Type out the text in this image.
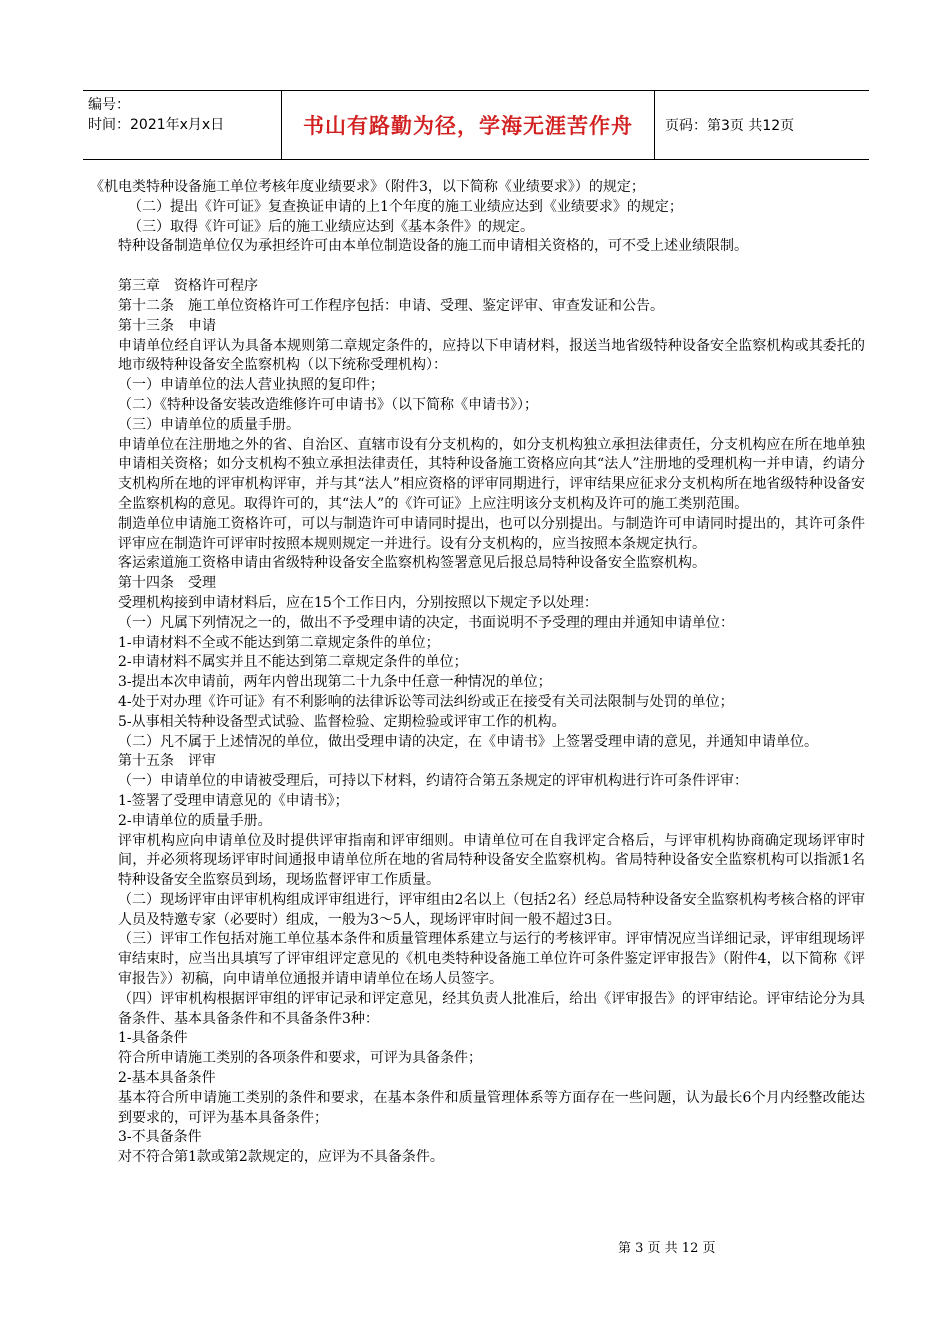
编号：
时间：2021年x月x日	书山有路勤为径，学海无涯苦作舟 页码：第3页 共12页
《机电类特种设备施工单位考核年度业绩要求》（附件3，以下简称《业绩要求》）的规定；
（二）提出《许可证》复查换证申请的上1个年度的施工业绩应达到《业绩要求》的规定；
（三）取得《许可证》后的施工业绩应达到《基本条件》的规定。
特种设备制造单位仅为承担经许可由本单位制造设备的施工而申请相关资格的，可不受上述业绩限制。
第三章　资格许可程序
第十二条　施工单位资格许可工作程序包括：申请、受理、鉴定评审、审查发证和公告。
第十三条　申请
申请单位经自评认为具备本规则第二章规定条件的，应持以下申请材料，报送当地省级特种设备安全监察机构或其委托的地市级特种设备安全监察机构（以下统称受理机构）：
（一）申请单位的法人营业执照的复印件；
（二）《特种设备安装改造维修许可申请书》（以下简称《申请书》）；
（三）申请单位的质量手册。
申请单位在注册地之外的省、自治区、直辖市设有分支机构的，如分支机构独立承担法律责任，分支机构应在所在地单独申请相关资格；如分支机构不独立承担法律责任，其特种设备施工资格应向其“法人”注册地的受理机构一并申请，约请分支机构所在地的评审机构评审，并与其“法人”相应资格的评审同期进行，评审结果应征求分支机构所在地省级特种设备安全监察机构的意见。取得许可的，其“法人”的《许可证》上应注明该分支机构及许可的施工类别范围。
制造单位申请施工资格许可，可以与制造许可申请同时提出，也可以分别提出。与制造许可申请同时提出的，其许可条件评审应在制造许可评审时按照本规则规定一并进行。设有分支机构的，应当按照本条规定执行。
客运索道施工资格申请由省级特种设备安全监察机构签署意见后报总局特种设备安全监察机构。
第十四条　受理
受理机构接到申请材料后，应在15个工作日内，分别按照以下规定予以处理：
（一）凡属下列情况之一的，做出不予受理申请的决定，书面说明不予受理的理由并通知申请单位：
1-申请材料不全或不能达到第二章规定条件的单位；
2-申请材料不属实并且不能达到第二章规定条件的单位；
3-提出本次申请前，两年内曾出现第二十九条中任意一种情况的单位；
4-处于对办理《许可证》有不利影响的法律诉讼等司法纠纷或正在接受有关司法限制与处罚的单位；
5-从事相关特种设备型式试验、监督检验、定期检验或评审工作的机构。
（二）凡不属于上述情况的单位，做出受理申请的决定，在《申请书》上签署受理申请的意见，并通知申请单位。
第十五条　评审
（一）申请单位的申请被受理后，可持以下材料，约请符合第五条规定的评审机构进行许可条件评审：
1-签署了受理申请意见的《申请书》；
2-申请单位的质量手册。
评审机构应向申请单位及时提供评审指南和评审细则。申请单位可在自我评定合格后，与评审机构协商确定现场评审时间，并必须将现场评审时间通报申请单位所在地的省局特种设备安全监察机构。省局特种设备安全监察机构可以指派1名特种设备安全监察员到场，现场监督评审工作质量。
（二）现场评审由评审机构组成评审组进行，评审组由2名以上（包括2名）经总局特种设备安全监察机构考核合格的评审人员及特邀专家（必要时）组成，一般为3～5人，现场评审时间一般不超过3日。
（三）评审工作包括对施工单位基本条件和质量管理体系建立与运行的考核评审。评审情况应当详细记录，评审组现场评审结束时，应当出具填写了评审组评定意见的《机电类特种设备施工单位许可条件鉴定评审报告》（附件4，以下简称《评审报告》）初稿，向申请单位通报并请申请单位在场人员签字。
（四）评审机构根据评审组的评审记录和评定意见，经其负责人批准后，给出《评审报告》的评审结论。评审结论分为具备条件、基本具备条件和不具备条件3种：
1-具备条件
符合所申请施工类别的各项条件和要求，可评为具备条件；
2-基本具备条件
基本符合所申请施工类别的条件和要求，在基本条件和质量管理体系等方面存在一些问题，认为最长6个月内经整改能达到要求的，可评为基本具备条件；
3-不具备条件
对不符合第1款或第2款规定的，应评为不具备条件。
第 3 页 共 12 页
